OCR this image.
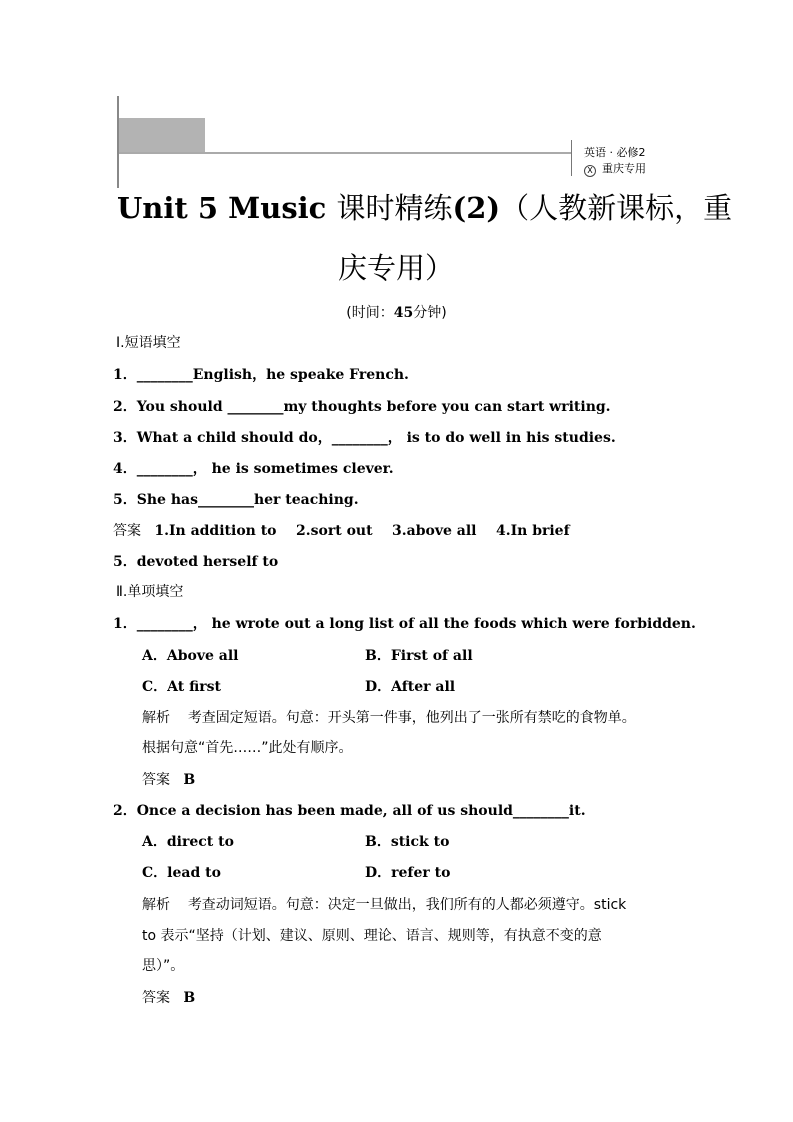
英语 · 必修2
X 重庆专用
Unit 5 Music 课时精练(2)（人教新课标，重
庆专用）
(时间：45分钟)
Ⅰ.短语填空
1．________English，he speake French.
2．You should ________my thoughts before you can start writing.
3．What a child should do，________， is to do well in his studies.
4．________， he is sometimes clever.
5．She has________her teaching.
答案 1.In addition to    2.sort out    3.above all    4.In brief
5．devoted herself to
Ⅱ.单项填空
1．________， he wrote out a long list of all the foods which were forbidden.
A．Above all	B．First of all
C．At first	D．After all
解析 考查固定短语。句意：开头第一件事，他列出了一张所有禁吃的食物单。
根据句意“首先……”此处有顺序。
答案 B
2．Once a decision has been made, all of us should________it.
A．direct to	B．stick to
C．lead to	D．refer to
解析 考查动词短语。句意：决定一旦做出，我们所有的人都必须遵守。stick
to 表示“坚持（计划、建议、原则、理论、语言、规则等，有执意不变的意
思）”。
答案 B
